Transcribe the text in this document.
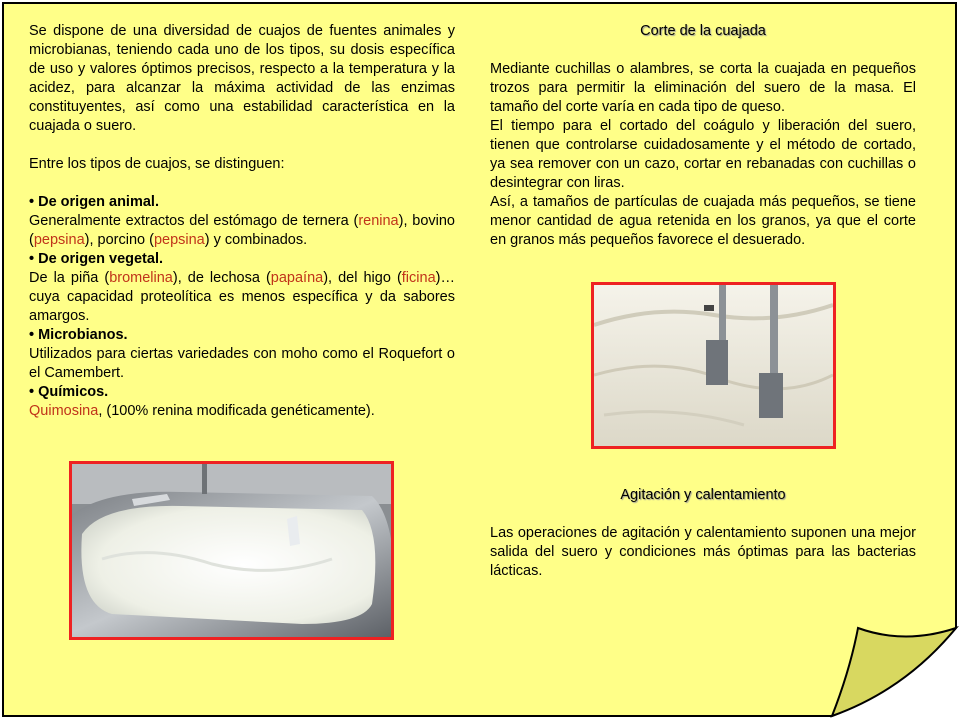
Se dispone de una diversidad de cuajos de fuentes animales y microbianas, teniendo cada uno de los tipos, su dosis específica de uso y valores óptimos precisos, respecto a la temperatura y la acidez, para alcanzar la máxima actividad de las enzimas constituyentes, así como una estabilidad característica en la cuajada o suero.

Entre los tipos de cuajos, se distinguen:

• De origen animal.

Generalmente extractos del estómago de ternera (renina), bovino (pepsina), porcino (pepsina) y combinados.

• De origen vegetal.

De la piña (bromelina), de lechosa (papaína), del higo (ficina)… cuya capacidad proteolítica es menos específica y da sabores amargos.

• Microbianos.

Utilizados para ciertas variedades con moho como el Roquefort o el Camembert.

• Químicos.

Quimosina, (100% renina modificada genéticamente).

Corte de la cuajada

Mediante cuchillas o alambres, se corta la cuajada en pequeños trozos para permitir la eliminación del suero de la masa. El tamaño del corte varía en cada tipo de queso.

El tiempo para el cortado del coágulo y liberación del suero, tienen que controlarse cuidadosamente y el método de cortado, ya sea remover con un cazo, cortar en rebanadas con cuchillas o desintegrar con liras.

Así, a tamaños de partículas de cuajada más pequeños, se tiene menor cantidad de agua retenida en los granos, ya que el corte en granos más pequeños favorece el desuerado.

Agitación y calentamiento

Las operaciones de agitación y calentamiento suponen una mejor salida del suero y condiciones más óptimas para las bacterias lácticas.
